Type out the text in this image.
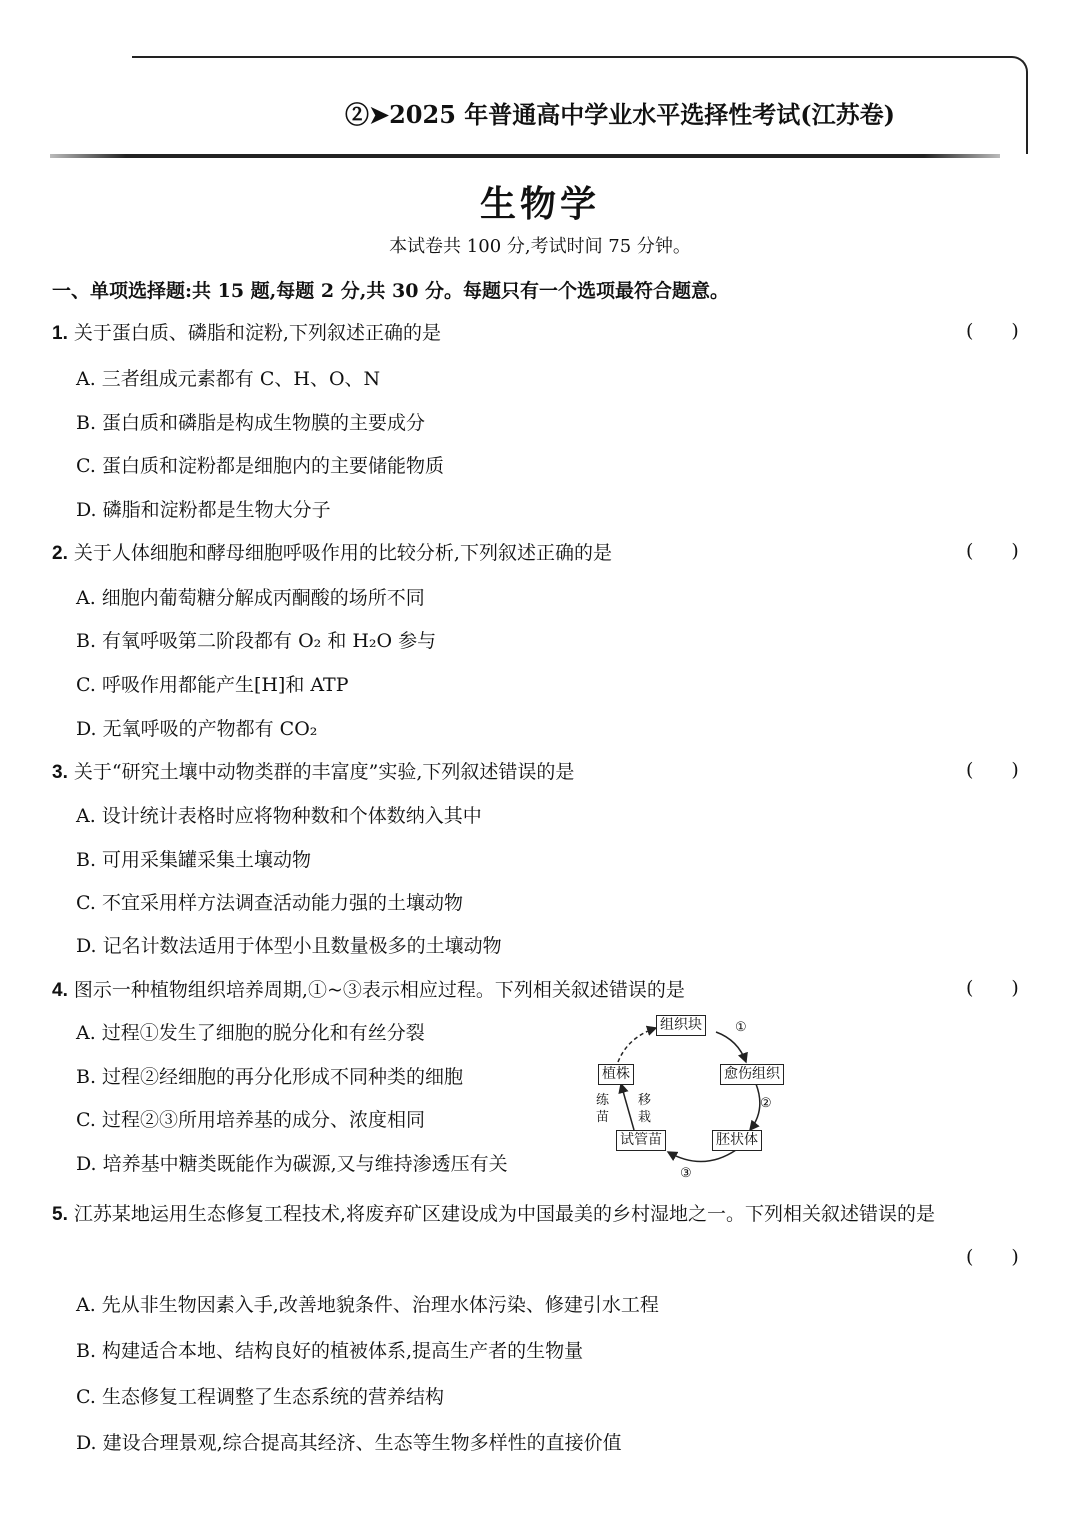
②➤2025 年普通高中学业水平选择性考试(江苏卷)
生物学
本试卷共 100 分,考试时间 75 分钟。
一、单项选择题:共 15 题,每题 2 分,共 30 分。每题只有一个选项最符合题意。
1. 关于蛋白质、磷脂和淀粉,下列叙述正确的是	(　　)
A. 三者组成元素都有 C、H、O、N
B. 蛋白质和磷脂是构成生物膜的主要成分
C. 蛋白质和淀粉都是细胞内的主要储能物质
D. 磷脂和淀粉都是生物大分子
2. 关于人体细胞和酵母细胞呼吸作用的比较分析,下列叙述正确的是	(　　)
A. 细胞内葡萄糖分解成丙酮酸的场所不同
B. 有氧呼吸第二阶段都有 O₂ 和 H₂O 参与
C. 呼吸作用都能产生[H]和 ATP
D. 无氧呼吸的产物都有 CO₂
3. 关于“研究土壤中动物类群的丰富度”实验,下列叙述错误的是	(　　)
A. 设计统计表格时应将物种数和个体数纳入其中
B. 可用采集罐采集土壤动物
C. 不宜采用样方法调查活动能力强的土壤动物
D. 记名计数法适用于体型小且数量极多的土壤动物
4. 图示一种植物组织培养周期,①~③表示相应过程。下列相关叙述错误的是	(　　)
A. 过程①发生了细胞的脱分化和有丝分裂
B. 过程②经细胞的再分化形成不同种类的细胞
C. 过程②③所用培养基的成分、浓度相同
D. 培养基中糖类既能作为碳源,又与维持渗透压有关
组织块
愈伤组织
胚状体
试管苗
植株
①
②
③
练苗
移栽
5. 江苏某地运用生态修复工程技术,将废弃矿区建设成为中国最美的乡村湿地之一。下列相关叙述错误的是
(　　)
A. 先从非生物因素入手,改善地貌条件、治理水体污染、修建引水工程
B. 构建适合本地、结构良好的植被体系,提高生产者的生物量
C. 生态修复工程调整了生态系统的营养结构
D. 建设合理景观,综合提高其经济、生态等生物多样性的直接价值
